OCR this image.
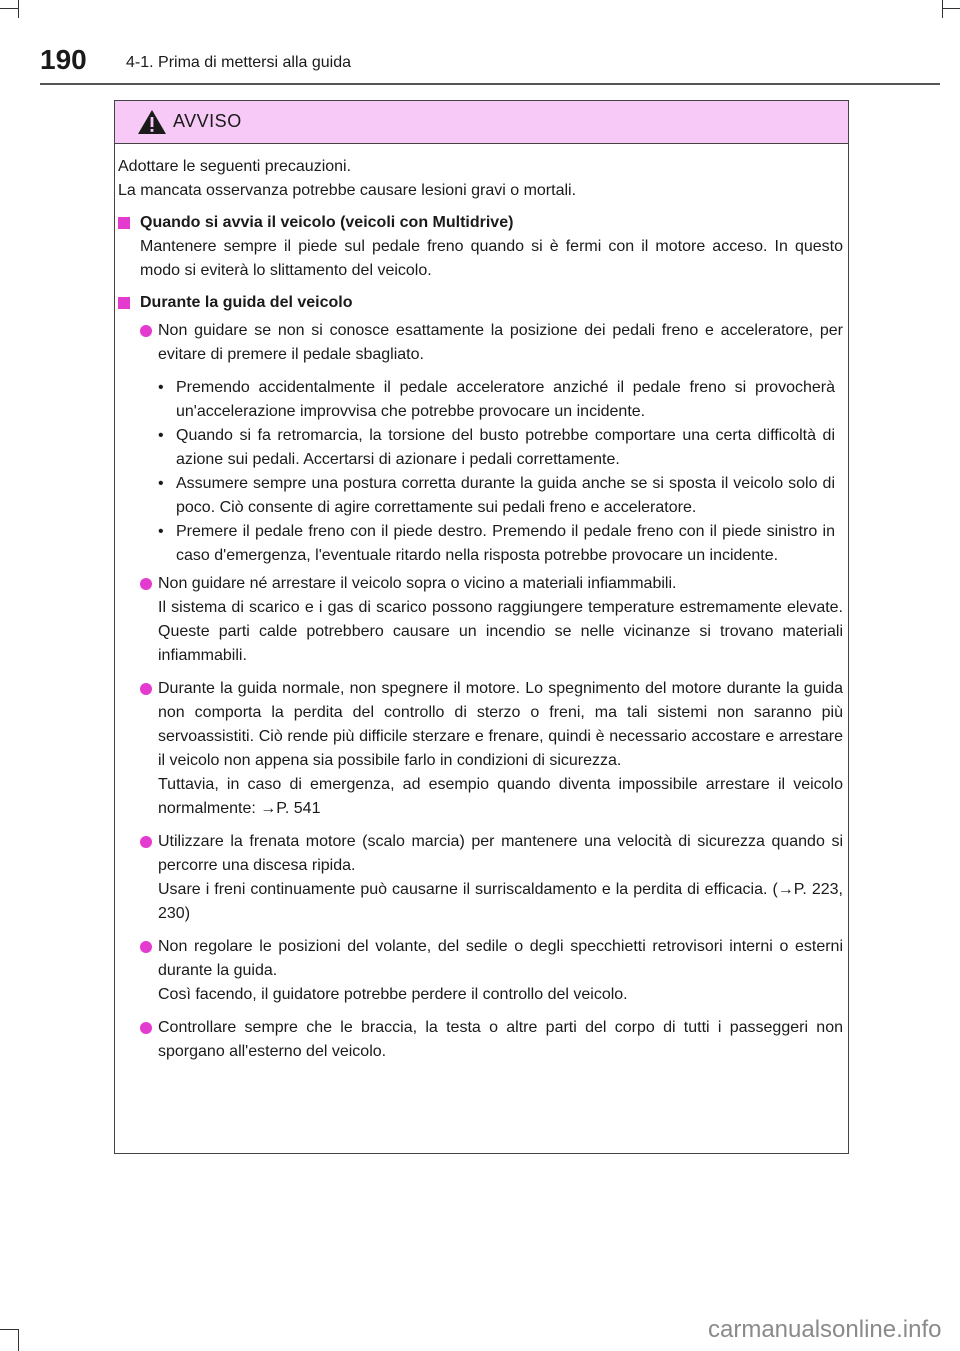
190 4-1. Prima di mettersi alla guida
AVVISO

Adottare le seguenti precauzioni.

La mancata osservanza potrebbe causare lesioni gravi o mortali.

Quando si avvia il veicolo (veicoli con Multidrive)

Mantenere sempre il piede sul pedale freno quando si è fermi con il motore acceso. In questo modo si eviterà lo slittamento del veicolo.

Durante la guida del veicolo

Non guidare se non si conosce esattamente la posizione dei pedali freno e acceleratore, per evitare di premere il pedale sbagliato.

• Premendo accidentalmente il pedale acceleratore anziché il pedale freno si provocherà un'accelerazione improvvisa che potrebbe provocare un incidente.
• Quando si fa retromarcia, la torsione del busto potrebbe comportare una certa difficoltà di azione sui pedali. Accertarsi di azionare i pedali correttamente.
• Assumere sempre una postura corretta durante la guida anche se si sposta il veicolo solo di poco. Ciò consente di agire correttamente sui pedali freno e acceleratore.
• Premere il pedale freno con il piede destro. Premendo il pedale freno con il piede sinistro in caso d'emergenza, l'eventuale ritardo nella risposta potrebbe provocare un incidente.

Non guidare né arrestare il veicolo sopra o vicino a materiali infiammabili.

Il sistema di scarico e i gas di scarico possono raggiungere temperature estremamente elevate. Queste parti calde potrebbero causare un incendio se nelle vicinanze si trovano materiali infiammabili.

Durante la guida normale, non spegnere il motore. Lo spegnimento del motore durante la guida non comporta la perdita del controllo di sterzo o freni, ma tali sistemi non saranno più servoassistiti. Ciò rende più difficile sterzare e frenare, quindi è necessario accostare e arrestare il veicolo non appena sia possibile farlo in condizioni di sicurezza.

Tuttavia, in caso di emergenza, ad esempio quando diventa impossibile arrestare il veicolo normalmente: →P. 541

Utilizzare la frenata motore (scalo marcia) per mantenere una velocità di sicurezza quando si percorre una discesa ripida.

Usare i freni continuamente può causarne il surriscaldamento e la perdita di efficacia. (→P. 223, 230)

Non regolare le posizioni del volante, del sedile o degli specchietti retrovisori interni o esterni durante la guida.

Così facendo, il guidatore potrebbe perdere il controllo del veicolo.

Controllare sempre che le braccia, la testa o altre parti del corpo di tutti i passeggeri non sporgano all'esterno del veicolo.

carmanualsonline.info
